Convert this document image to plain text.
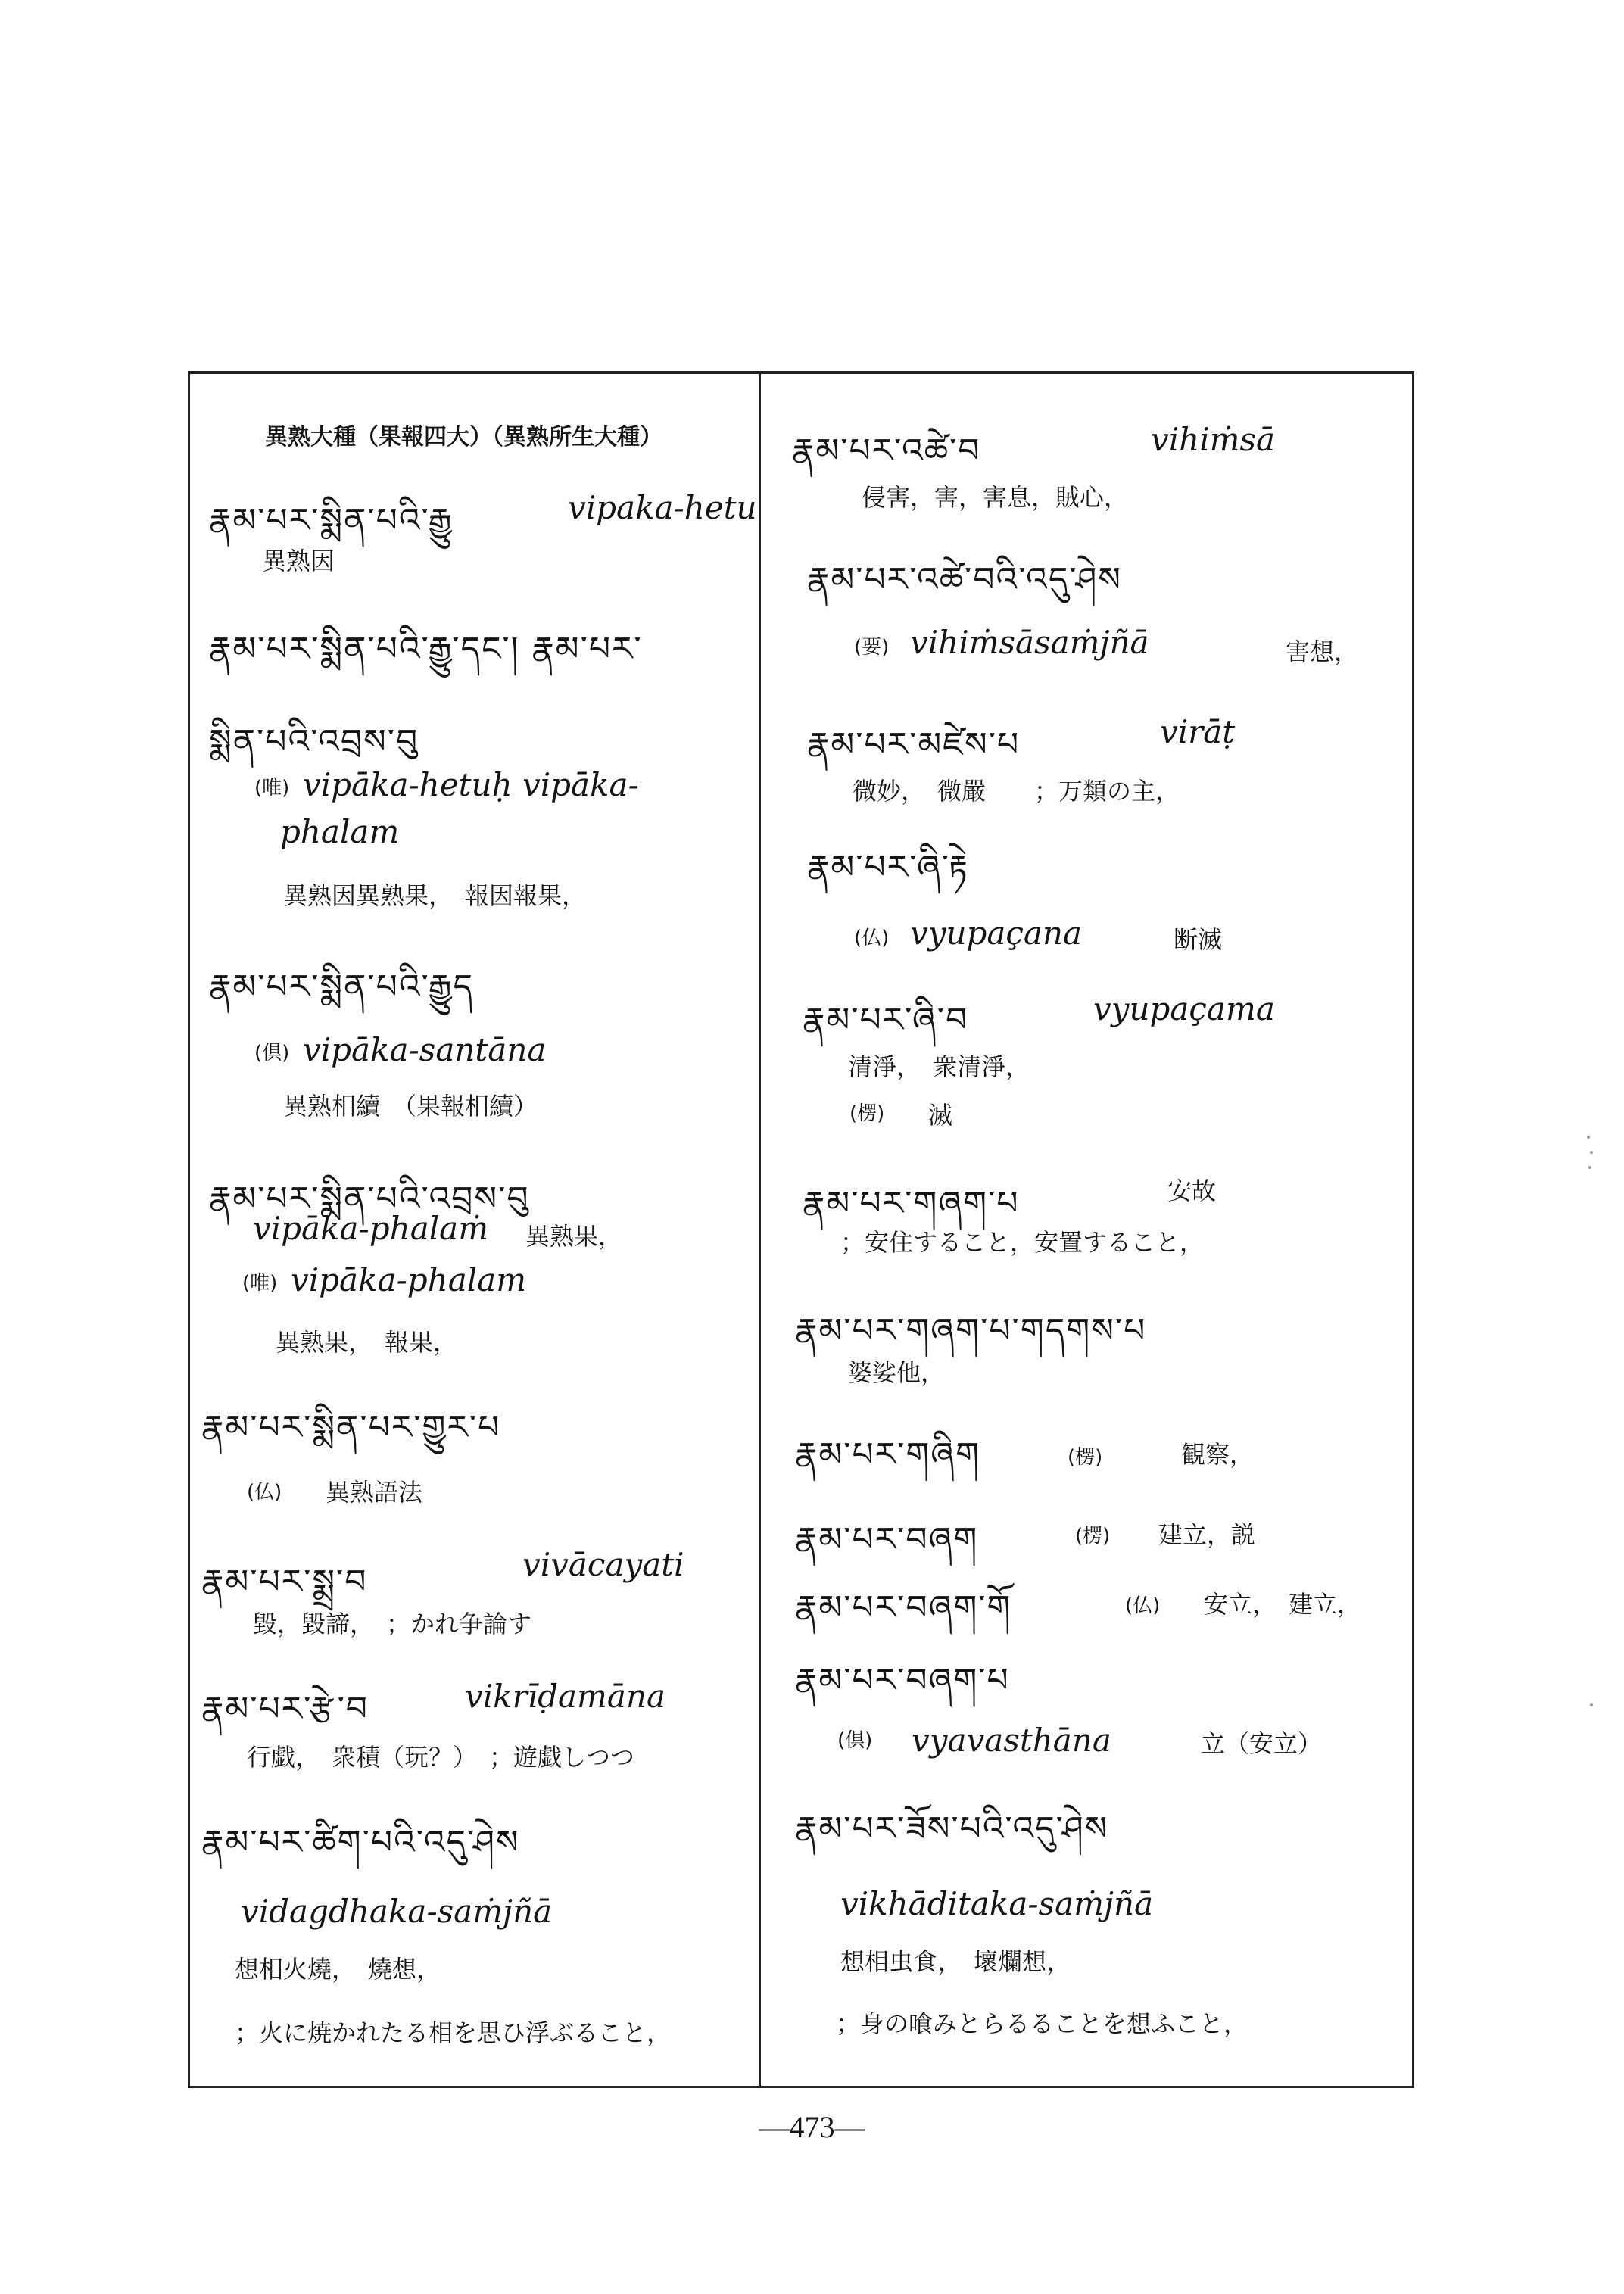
異熟大種（果報四大）（異熟所生大種）
རྣམ་པར་སྨིན་པའི་རྒྱུ	vipaka-hetu
異熟因
རྣམ་པར་སྨིན་པའི་རྒྱུ་དང་། རྣམ་པར་
སྨིན་པའི་འབྲས་བུ
(唯) vipāka-hetuḥ vipāka-
phalam
異熟因異熟果，　報因報果，
རྣམ་པར་སྨིན་པའི་རྒྱུད
(倶) vipāka-santāna
異熟相續　（果報相續）
རྣམ་པར་སྨིན་པའི་འབྲས་བུ
vipāka-phalaṁ 異熟果，
(唯) vipāka-phalam
異熟果，　報果，
རྣམ་པར་སྨིན་པར་གྱུར་པ
(仏) 異熟語法
རྣམ་པར་སྨྲ་བ	vivācayati
毀，毀諦，　；かれ争論す
རྣམ་པར་རྩེ་བ	vikrīḍamāna
行戯，　衆積（玩？）　；遊戯しつつ
རྣམ་པར་ཚིག་པའི་འདུ་ཤེས
vidagdhaka-saṁjñā
想相火燒，　燒想，
；火に焼かれたる相を思ひ浮ぶること，
རྣམ་པར་འཚེ་བ	vihiṁsā
侵害，害，害息，賊心，
རྣམ་པར་འཚེ་བའི་འདུ་ཤེས
(要) vihiṁsāsaṁjñā	害想，
རྣམ་པར་མཛེས་པ	virāṭ
微妙，　微嚴　　；万類の主，
རྣམ་པར་ཞི་རྟེ
(仏) vyupaçana	断滅
རྣམ་པར་ཞི་བ	vyupaçama
清淨，　衆清淨，
(楞) 滅
རྣམ་པར་གཞག་པ	安故
；安住すること，安置すること，
རྣམ་པར་གཞག་པ་གདགས་པ
婆娑他，
རྣམ་པར་གཞིག	(楞)	観察，
རྣམ་པར་བཞག	(楞) 建立，説
རྣམ་པར་བཞག་གོ	(仏) 安立，　建立，
རྣམ་པར་བཞག་པ
(倶) vyavasthāna	立（安立）
རྣམ་པར་ཟོས་པའི་འདུ་ཤེས
vikhāditaka-saṁjñā
想相虫食，　壞爛想，
；身の喰みとらるることを想ふこと，
—473—
